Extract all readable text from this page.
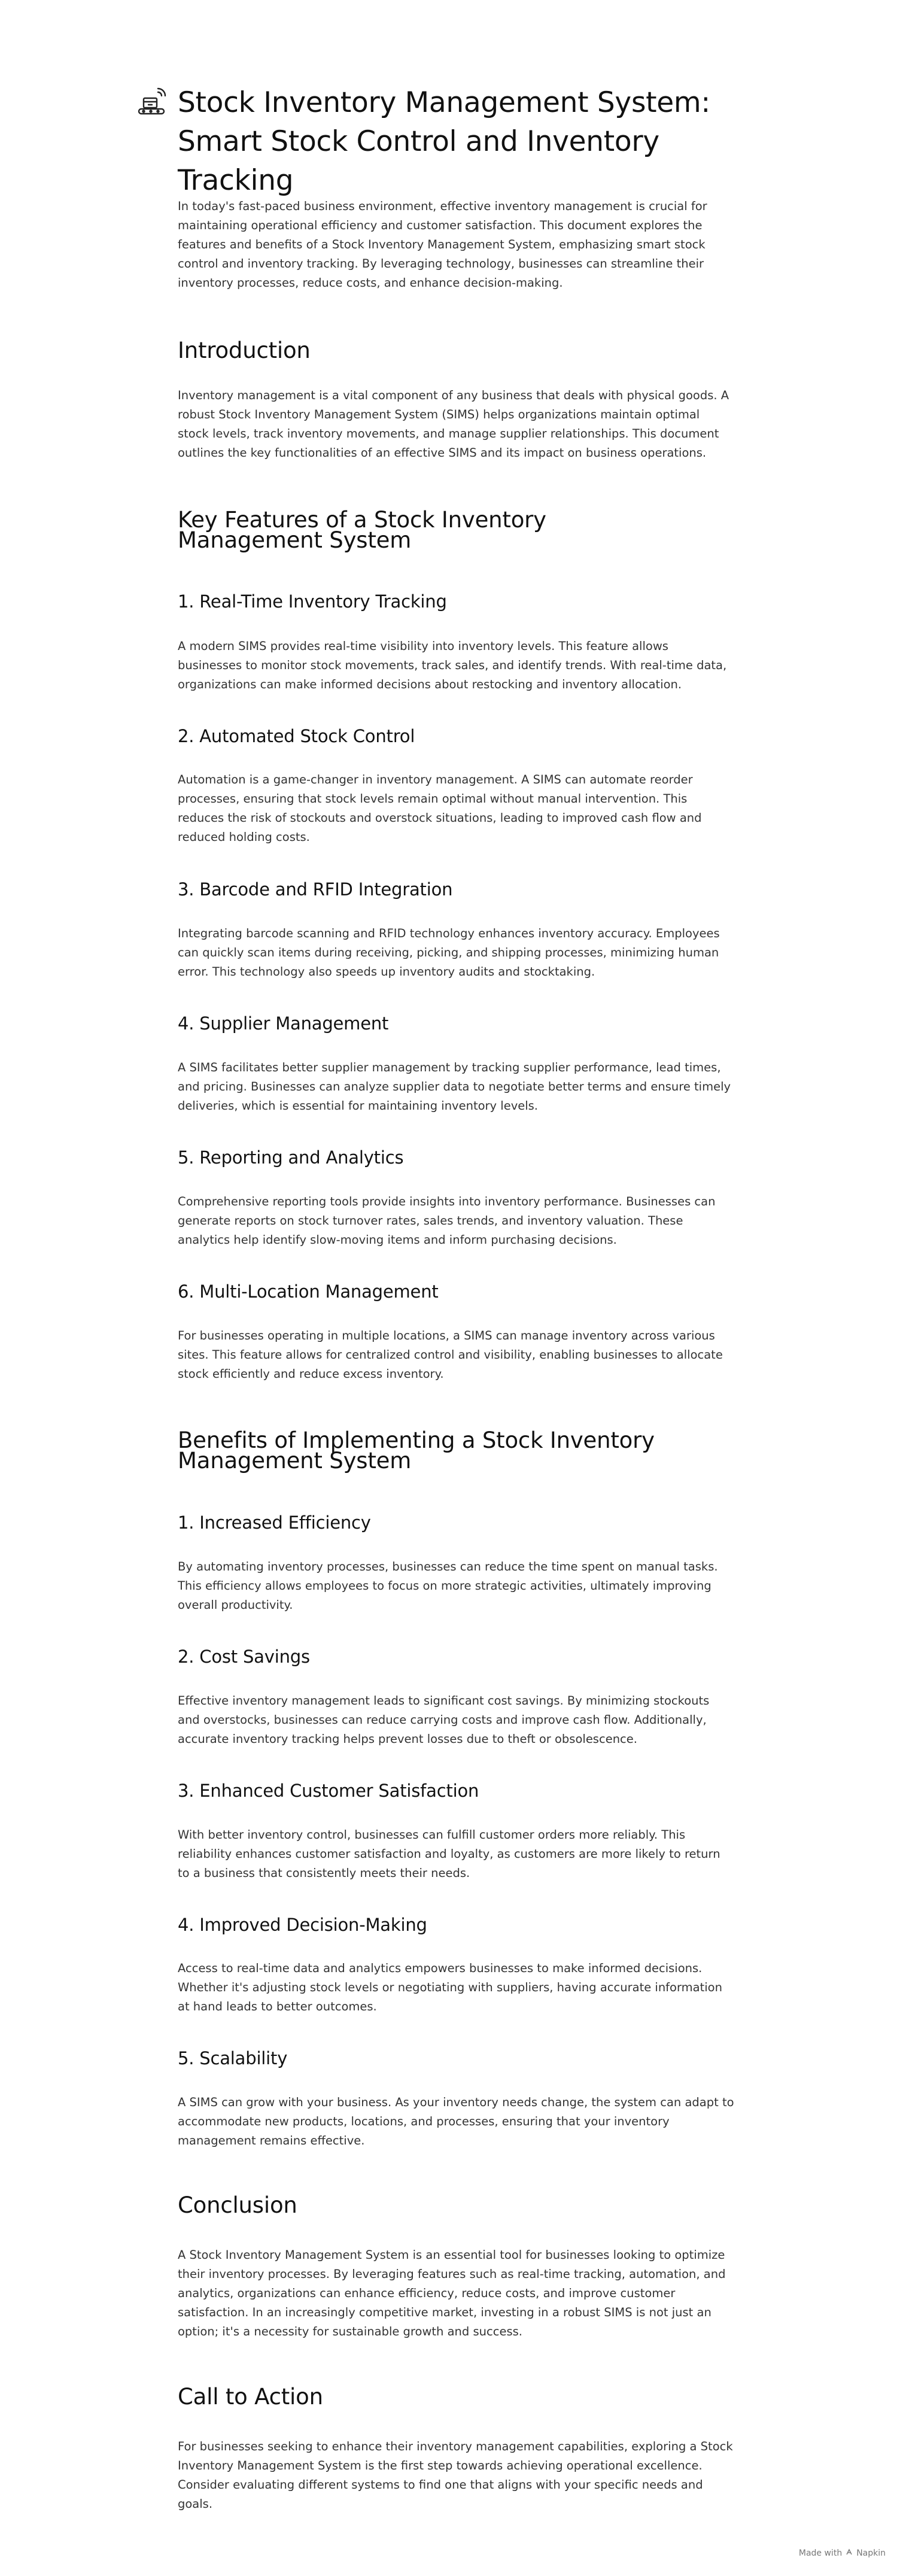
Stock Inventory Management System:
Smart Stock Control and Inventory Tracking

In today's fast-paced business environment, effective inventory management is crucial for maintaining operational efficiency and customer satisfaction. This document explores the features and benefits of a Stock Inventory Management System, emphasizing smart stock control and inventory tracking. By leveraging technology, businesses can streamline their inventory processes, reduce costs, and enhance decision-making.

Introduction

Inventory management is a vital component of any business that deals with physical goods. A robust Stock Inventory Management System (SIMS) helps organizations maintain optimal stock levels, track inventory movements, and manage supplier relationships. This document outlines the key functionalities of an effective SIMS and its impact on business operations.

Key Features of a Stock Inventory Management System
1. Real-Time Inventory Tracking

A modern SIMS provides real-time visibility into inventory levels. This feature allows businesses to monitor stock movements, track sales, and identify trends. With real-time data, organizations can make informed decisions about restocking and inventory allocation.

2. Automated Stock Control

Automation is a game-changer in inventory management. A SIMS can automate reorder processes, ensuring that stock levels remain optimal without manual intervention. This reduces the risk of stockouts and overstock situations, leading to improved cash flow and reduced holding costs.

3. Barcode and RFID Integration

Integrating barcode scanning and RFID technology enhances inventory accuracy. Employees can quickly scan items during receiving, picking, and shipping processes, minimizing human error. This technology also speeds up inventory audits and stocktaking.

4. Supplier Management

A SIMS facilitates better supplier management by tracking supplier performance, lead times, and pricing. Businesses can analyze supplier data to negotiate better terms and ensure timely deliveries, which is essential for maintaining inventory levels.

5. Reporting and Analytics

Comprehensive reporting tools provide insights into inventory performance. Businesses can generate reports on stock turnover rates, sales trends, and inventory valuation. These analytics help identify slow-moving items and inform purchasing decisions.

6. Multi-Location Management

For businesses operating in multiple locations, a SIMS can manage inventory across various sites. This feature allows for centralized control and visibility, enabling businesses to allocate stock efficiently and reduce excess inventory.

Benefits of Implementing a Stock Inventory Management System
1. Increased Efficiency

By automating inventory processes, businesses can reduce the time spent on manual tasks. This efficiency allows employees to focus on more strategic activities, ultimately improving overall productivity.

2. Cost Savings

Effective inventory management leads to significant cost savings. By minimizing stockouts and overstocks, businesses can reduce carrying costs and improve cash flow. Additionally, accurate inventory tracking helps prevent losses due to theft or obsolescence.

3. Enhanced Customer Satisfaction

With better inventory control, businesses can fulfill customer orders more reliably. This reliability enhances customer satisfaction and loyalty, as customers are more likely to return to a business that consistently meets their needs.

4. Improved Decision-Making

Access to real-time data and analytics empowers businesses to make informed decisions. Whether it's adjusting stock levels or negotiating with suppliers, having accurate information at hand leads to better outcomes.

5. Scalability

A SIMS can grow with your business. As your inventory needs change, the system can adapt to accommodate new products, locations, and processes, ensuring that your inventory management remains effective.

Conclusion

A Stock Inventory Management System is an essential tool for businesses looking to optimize their inventory processes. By leveraging features such as real-time tracking, automation, and analytics, organizations can enhance efficiency, reduce costs, and improve customer satisfaction. In an increasingly competitive market, investing in a robust SIMS is not just an option; it's a necessity for sustainable growth and success.

Call to Action

For businesses seeking to enhance their inventory management capabilities, exploring a Stock Inventory Management System is the first step towards achieving operational excellence. Consider evaluating different systems to find one that aligns with your specific needs and goals.

Made with Napkin
